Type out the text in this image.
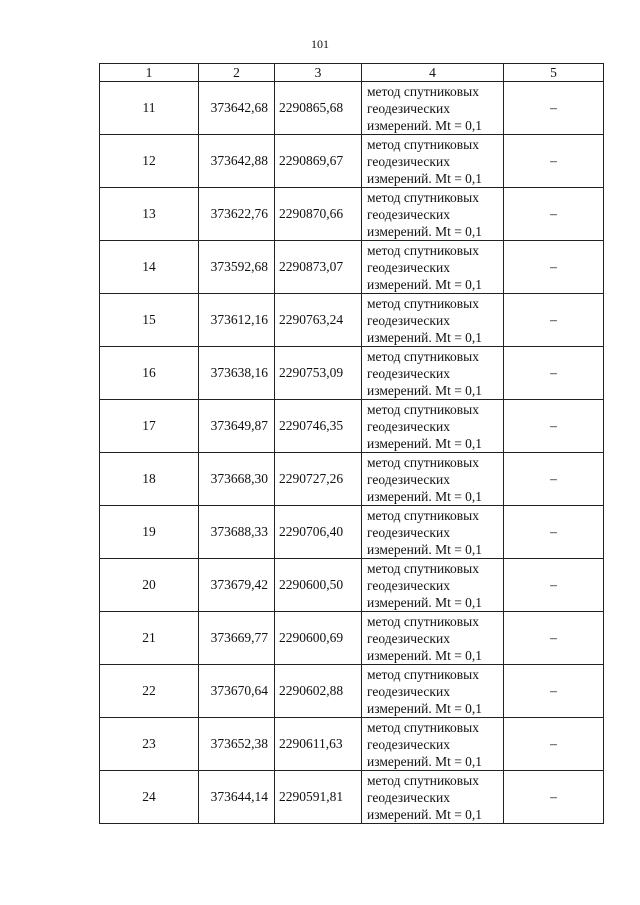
101
1	2	3	4	5
11	373642,68	2290865,68	метод спутниковых
геодезических
измерений. Mt = 0,1	–
12	373642,88	2290869,67	метод спутниковых
геодезических
измерений. Mt = 0,1	–
13	373622,76	2290870,66	метод спутниковых
геодезических
измерений. Mt = 0,1	–
14	373592,68	2290873,07	метод спутниковых
геодезических
измерений. Mt = 0,1	–
15	373612,16	2290763,24	метод спутниковых
геодезических
измерений. Mt = 0,1	–
16	373638,16	2290753,09	метод спутниковых
геодезических
измерений. Mt = 0,1	–
17	373649,87	2290746,35	метод спутниковых
геодезических
измерений. Mt = 0,1	–
18	373668,30	2290727,26	метод спутниковых
геодезических
измерений. Mt = 0,1	–
19	373688,33	2290706,40	метод спутниковых
геодезических
измерений. Mt = 0,1	–
20	373679,42	2290600,50	метод спутниковых
геодезических
измерений. Mt = 0,1	–
21	373669,77	2290600,69	метод спутниковых
геодезических
измерений. Mt = 0,1	–
22	373670,64	2290602,88	метод спутниковых
геодезических
измерений. Mt = 0,1	–
23	373652,38	2290611,63	метод спутниковых
геодезических
измерений. Mt = 0,1	–
24	373644,14	2290591,81	метод спутниковых
геодезических
измерений. Mt = 0,1	–
